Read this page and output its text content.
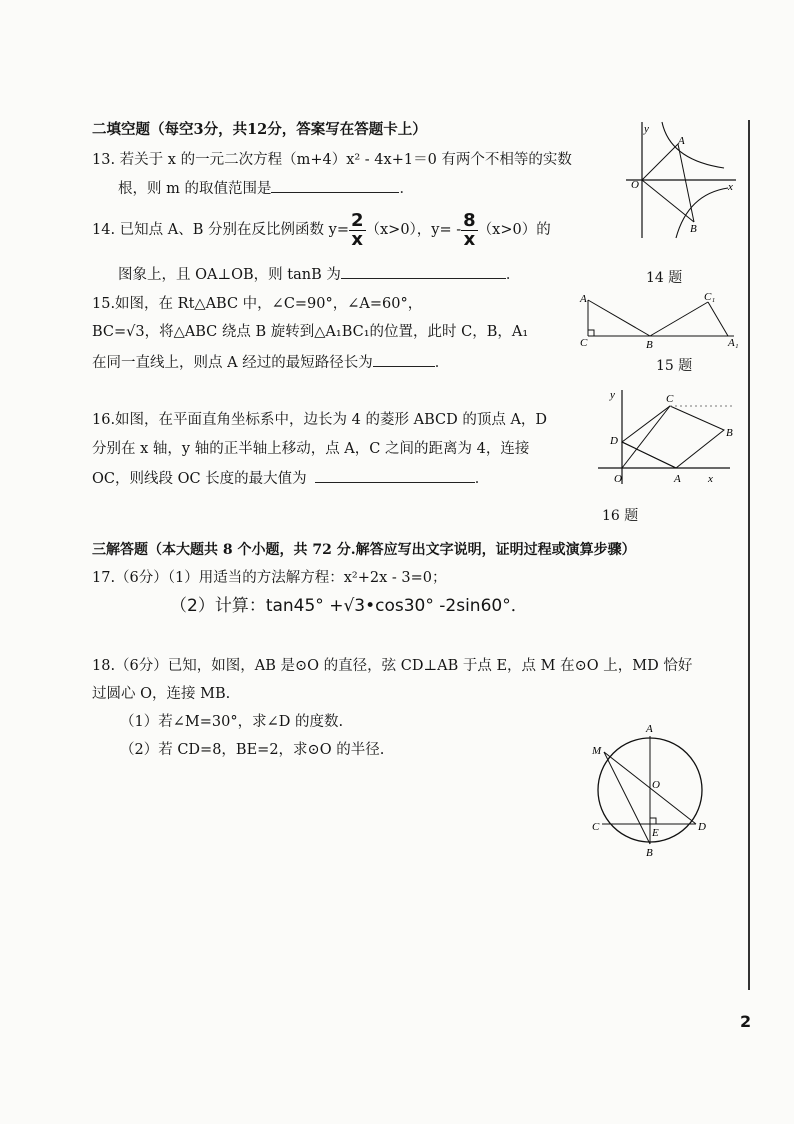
二填空题（每空3分，共12分，答案写在答题卡上）
13. 若关于 x 的一元二次方程（m+4）x² - 4x+1＝0 有两个不相等的实数
根，则 m 的取值范围是	．
14. 已知点 A、B 分别在反比例函数 $y= \frac{2}{x} (x>0)$，$y= - \frac{8}{x} (x>0)$的
图象上，且 OA⊥OB，则 tanB 为	．
15.如图，在 Rt△ABC 中，∠C=90°，∠A=60°，
BC=√3，将△ABC 绕点 B 旋转到△A₁BC₁的位置，此时 C，B，A₁
在同一直线上，则点 A 经过的最短路径长为	．
16.如图，在平面直角坐标系中，边长为 4 的菱形 ABCD 的顶点 A，D
分别在 x 轴，y 轴的正半轴上移动，点 A，C 之间的距离为 4，连接
OC，则线段 OC 长度的最大值为	．
三解答题（本大题共 8 个小题，共 72 分.解答应写出文字说明，证明过程或演算步骤）
17.（6分）（1）用适当的方法解方程：x²+2x - 3=0；
（2）计算：tan45° +√3•cos30° -2sin60°．
18.（6分）已知，如图，AB 是⊙O 的直径，弦 CD⊥AB 于点 E，点 M 在⊙O 上，MD 恰好
过圆心 O，连接 MB.
（1）若∠M=30°，求∠D 的度数.
（2）若 CD=8，BE=2，求⊙O 的半径.
2
y
x
O
A
B
14 题
A
C	B
C₁
A₁
15 题
y
D
C
B
O	A x
16 题
A
M
O
C	E	D
B
